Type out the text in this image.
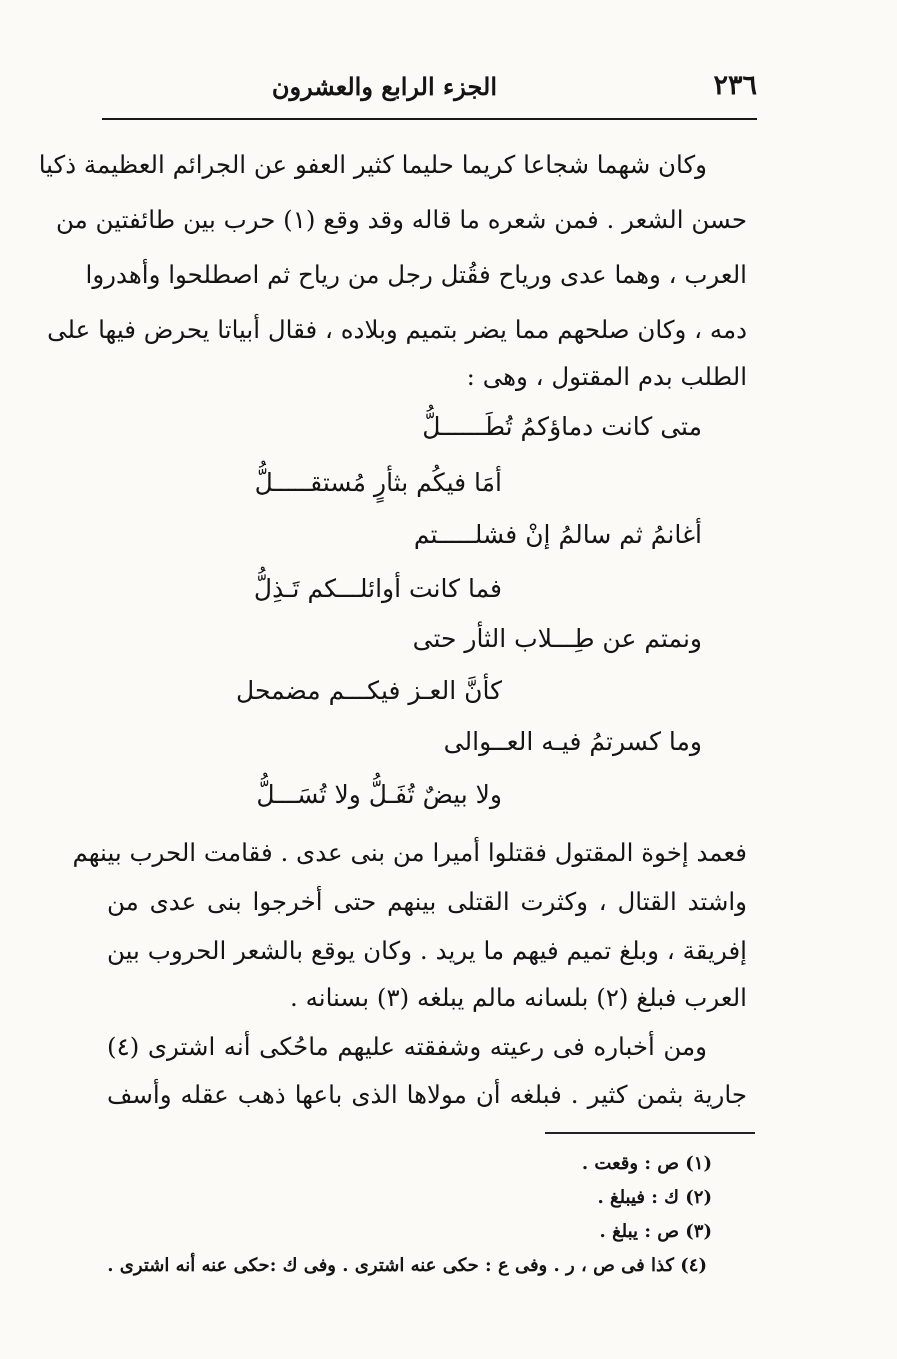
٢٣٦
الجزء الرابع والعشرون
وكان شهما شجاعا كريما حليما كثير العفو عن الجرائم العظيمة ذكيا
حسن الشعر . فمن شعره ما قاله وقد وقع (١) حرب بين طائفتين من
العرب ، وهما عدى ورياح فقُتل رجل من رياح ثم اصطلحوا وأهدروا
دمه ، وكان صلحهم مما يضر بتميم وبلاده ، فقال أبياتا يحرض فيها على
الطلب بدم المقتول ، وهى :
متى كانت دماؤكمُ تُطَــــــلُّ
أمَا فيكُم بثأرٍ مُستقـــــلُّ
أغانمُ ثم سالمُ إنْ فشلـــــتم
فما كانت أوائلـــكم تَـذِلُّ
ونمتم عن طِـــلاب الثأر حتى
كأنَّ العـز فيكـــم مضمحل
وما كسرتمُ فيـه العــوالى
ولا بيضٌ تُفَـلُّ ولا تُسَـــلُّ
فعمد إخوة المقتول فقتلوا أميرا من بنى عدى . فقامت الحرب بينهم
واشتد القتال ، وكثرت القتلى بينهم حتى أخرجوا بنى عدى من
إفريقة ، وبلغ تميم فيهم ما يريد . وكان يوقع بالشعر الحروب بين
العرب فبلغ (٢) بلسانه مالم يبلغه (٣) بسنانه .
ومن أخباره فى رعيته وشفقته عليهم ماحُكى أنه اشترى (٤)
جارية بثمن كثير . فبلغه أن مولاها الذى باعها ذهب عقله وأسف
(١) ص : وقعت .
(٢) ك : فيبلغ .
(٣) ص : يبلغ .
(٤) كذا فى ص ، ر . وفى ع : حكى عنه اشترى . وفى ك :حكى عنه أنه اشترى .
